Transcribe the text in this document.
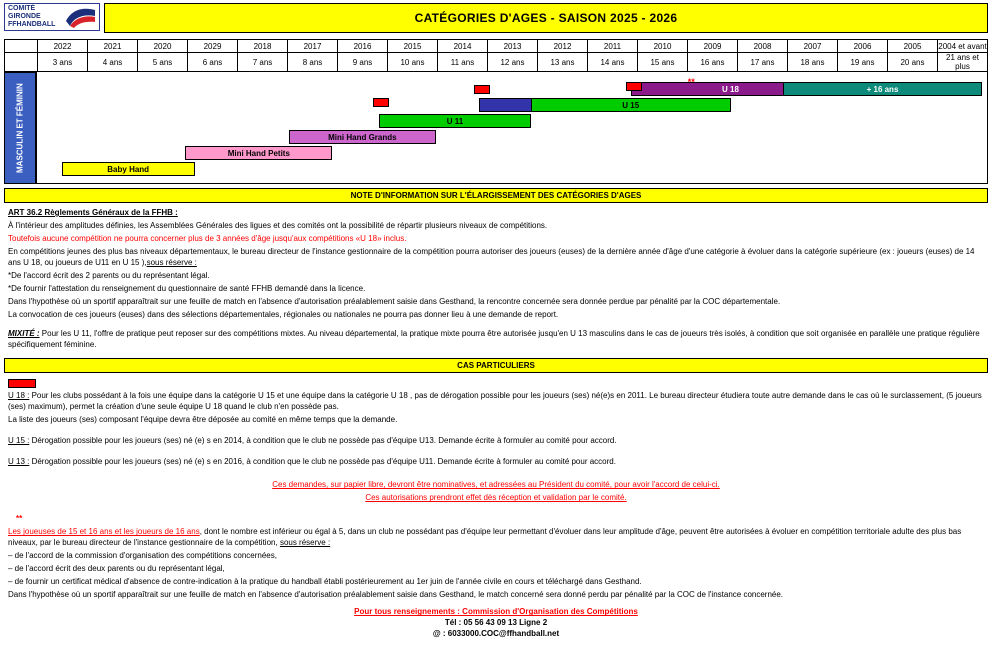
COMITÉ
GIRONDE
FFHANDBALL	CATÉGORIES D'AGES - SAISON 2025 - 2026
	2022	2021	2020	2029	2018	2017	2016	2015	2014	2013	2012	2011	2010	2009	2008	2007	2006	2005	2004 et avant
	3 ans	4 ans	5 ans	6 ans	7 ans	8 ans	9 ans	10 ans	11 ans	12 ans	13 ans	14 ans	15 ans	16 ans	17 ans	18 ans	19 ans	20 ans	21 ans et plus
MASCULIN ET FÉMININ	Baby Hand
Mini Hand Petits
Mini Hand Grands
U 11
U 15
U 18	+ 16 ans
**
NOTE D'INFORMATION SUR L'ÉLARGISSEMENT DES CATÉGORIES D'AGES

ART 36.2 Règlements Généraux de la FFHB :

À l'intérieur des amplitudes définies, les Assemblées Générales des ligues et des comités ont la possibilité de répartir plusieurs niveaux de compétitions.

Toutefois aucune compétition ne pourra concerner plus de 3 années d'âge jusqu'aux compétitions «U 18» inclus.

En compétitions jeunes des plus bas niveaux départementaux, le bureau directeur de l'instance gestionnaire de la compétition pourra autoriser des joueurs (euses) de la dernière année d'âge d'une catégorie à évoluer dans la catégorie supérieure (ex : joueurs (euses) de 14 ans U 18, ou joueurs de U11 en U 15 ),sous réserve :

*De l'accord écrit des 2 parents ou du représentant légal.

*De fournir l'attestation du renseignement du questionnaire de santé FFHB demandé dans la licence.

Dans l'hypothèse où un sportif apparaîtrait sur une feuille de match en l'absence d'autorisation préalablement saisie dans Gesthand, la rencontre concernée sera donnée perdue par pénalité par la COC départementale.

La convocation de ces joueurs (euses) dans des sélections départementales, régionales ou nationales ne pourra pas donner lieu à une demande de report.

MIXITÉ : Pour les U 11, l'offre de pratique peut reposer sur des compétitions mixtes. Au niveau départemental, la pratique mixte pourra être autorisée jusqu'en U 13 masculins dans le cas de joueurs très isolés, à condition que soit organisée en parallèle une pratique régulière spécifiquement féminine.

CAS PARTICULIERS

U 18 : Pour les clubs possédant à la fois une équipe dans la catégorie U 15 et une équipe dans la catégorie U 18 , pas de dérogation possible pour les joueurs (ses) né(e)s en 2011. Le bureau directeur étudiera toute autre demande dans le cas où le surclassement, (5 joueurs (ses) maximum), permet la création d'une seule équipe U 18 quand le club n'en possède pas.

La liste des joueurs (ses) composant l'équipe devra être déposée au comité en même temps que la demande.

U 15 : Dérogation possible pour les joueurs (ses) né (e) s en 2014, à condition que le club ne possède pas d'équipe U13. Demande écrite à formuler au comité pour accord.

U 13 : Dérogation possible pour les joueurs (ses) né (e) s en 2016, à condition que le club ne possède pas d'équipe U11. Demande écrite à formuler au comité pour accord.

Ces demandes, sur papier libre, devront être nominatives, et adressées au Président du comité, pour avoir l'accord de celui-ci.

Ces autorisations prendront effet dès réception et validation par le comité.

**

Les joueuses de 15 et 16 ans et les joueurs de 16 ans, dont le nombre est inférieur ou égal à 5, dans un club ne possédant pas d'équipe leur permettant d'évoluer dans leur amplitude d'âge, peuvent être autorisées à évoluer en compétition territoriale adulte des plus bas niveaux, par le bureau directeur de l'instance gestionnaire de la compétition, sous réserve :

– de l'accord de la commission d'organisation des compétitions concernées,

– de l'accord écrit des deux parents ou du représentant légal,

– de fournir un certificat médical d'absence de contre-indication à la pratique du handball établi postérieurement au 1er juin de l'année civile en cours et téléchargé dans Gesthand.

Dans l'hypothèse où un sportif apparaîtrait sur une feuille de match en l'absence d'autorisation préalablement saisie dans Gesthand, le match concerné sera donné perdu par pénalité par la COC de l'instance concernée.

Pour tous renseignements : Commission d'Organisation des Compétitions
Tél : 05 56 43 09 13 Ligne 2
@ : 6033000.COC@ffhandball.net
